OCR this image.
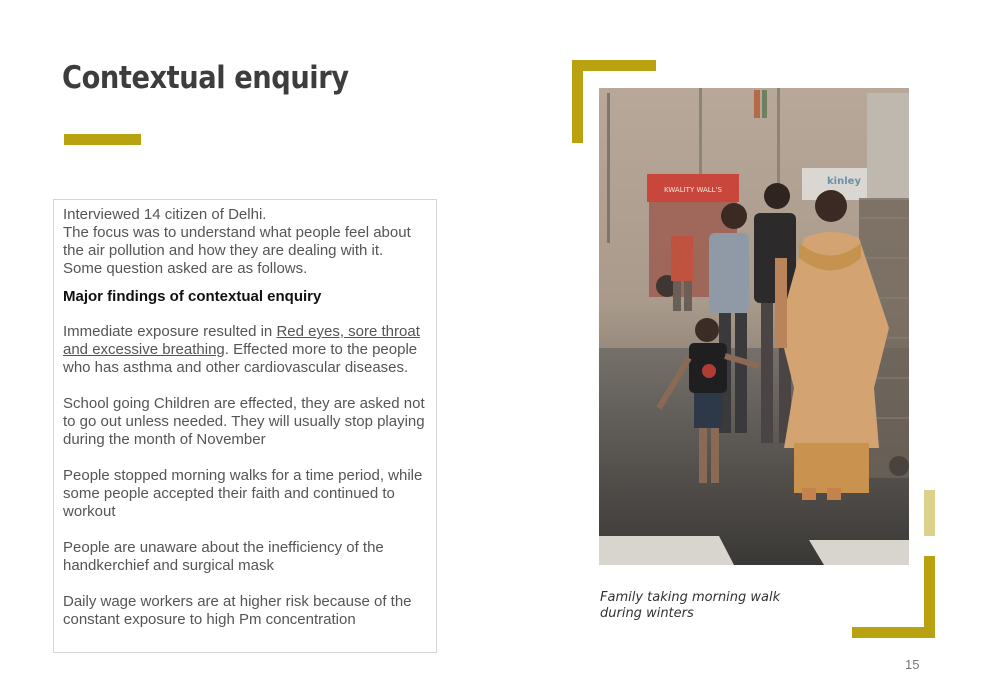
Contextual enquiry

Interviewed 14 citizen of Delhi.
The focus was to understand what people feel about the air pollution and how they are dealing with it.
Some question asked are as follows.

Major findings of contextual enquiry

Immediate exposure resulted in Red eyes, sore throat and excessive breathing. Effected more to the people who has asthma and other cardiovascular diseases.

School going Children are effected, they are asked not to go out unless needed. They will usually stop playing during the month of November

People stopped morning walks for a time period, while some people accepted their faith and continued to workout

People are unaware about the inefficiency of the handkerchief and surgical mask

Daily wage workers are at higher risk because of the constant exposure to high Pm concentration

KWALITY WALL'S
kinley
Family taking morning walk
during winters
15
